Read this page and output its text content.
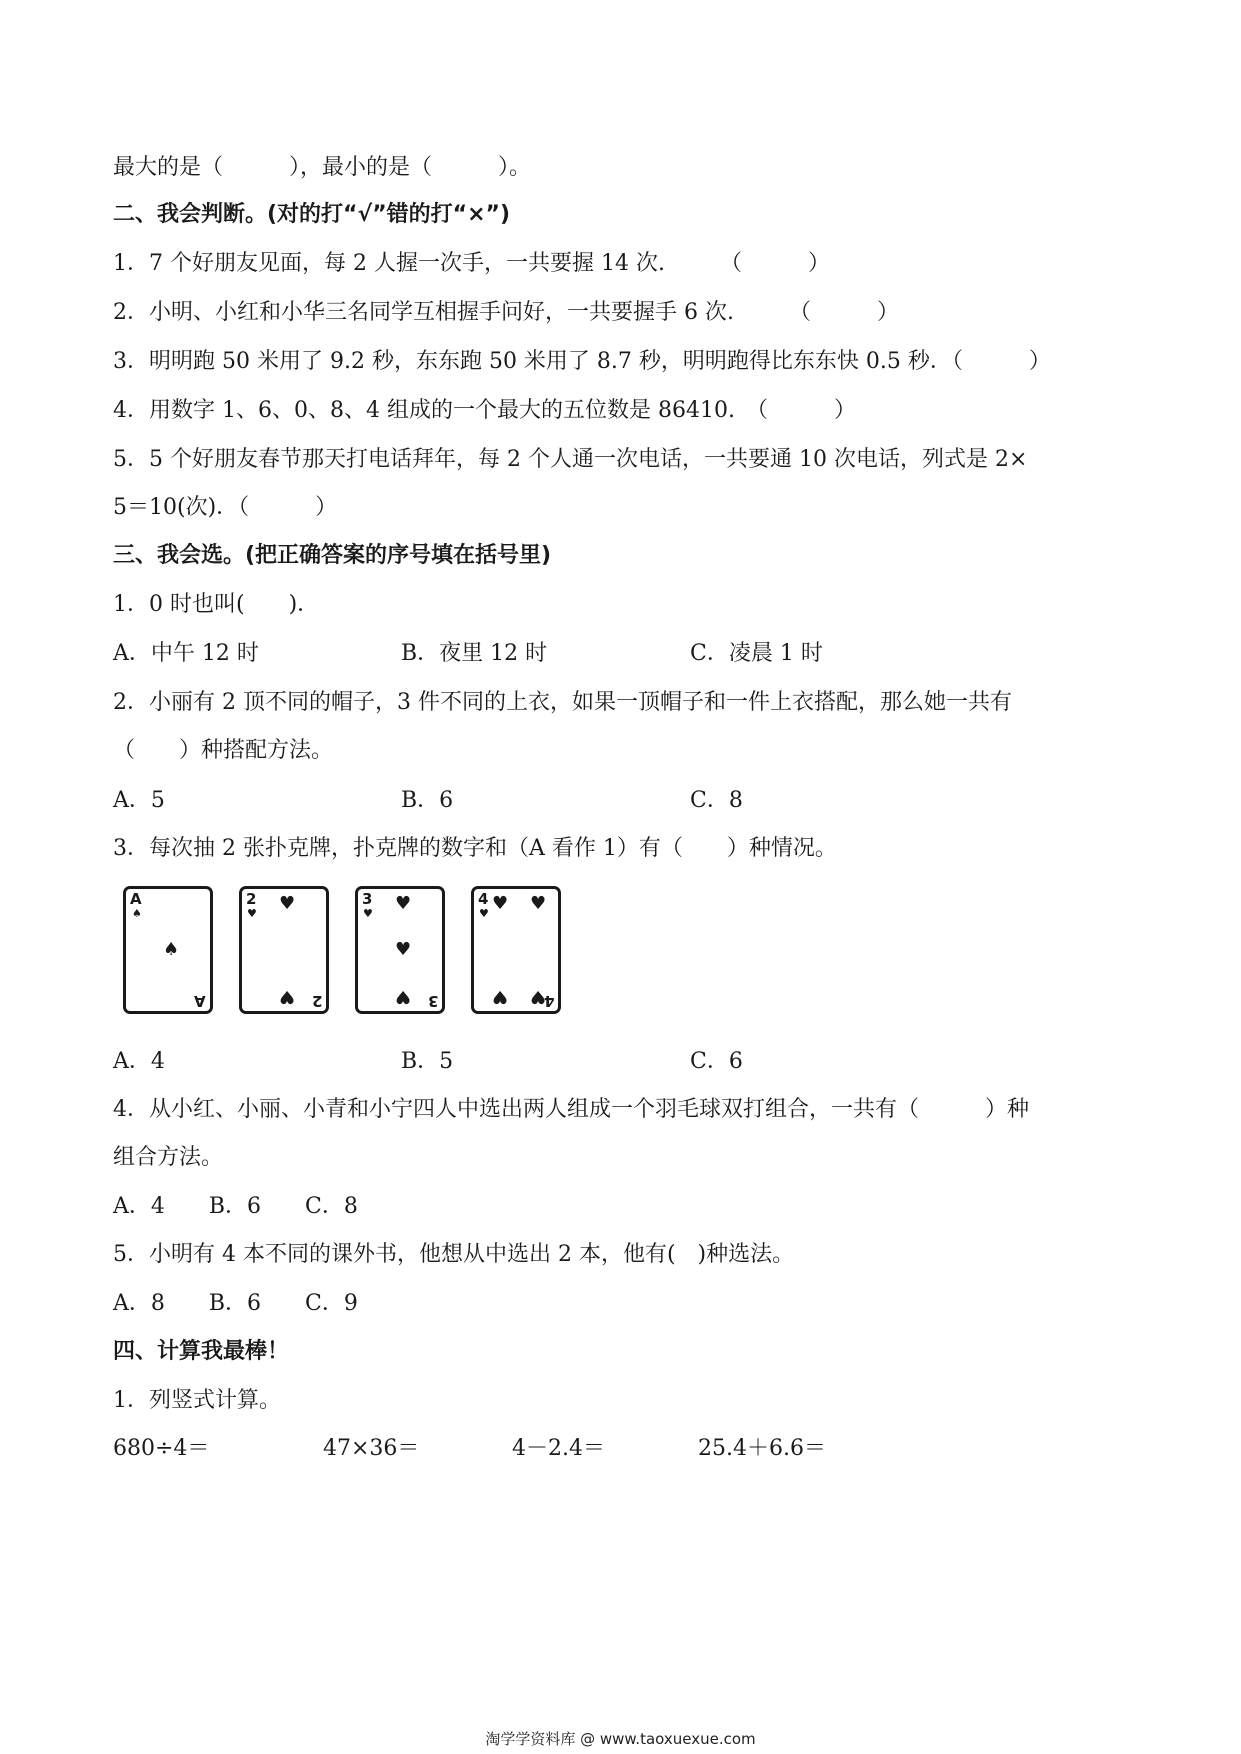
最大的是（　　　），最小的是（　　　）。
二、我会判断。(对的打“√”错的打“×”)
1．7 个好朋友见面，每 2 人握一次手，一共要握 14 次.　　　（　　　）
2．小明、小红和小华三名同学互相握手问好，一共要握手 6 次.　　　（　　　）
3．明明跑 50 米用了 9.2 秒，东东跑 50 米用了 8.7 秒，明明跑得比东东快 0.5 秒．（　　　）
4．用数字 1、6、0、8、4 组成的一个最大的五位数是 86410.　（　　　）
5．5 个好朋友春节那天打电话拜年，每 2 个人通一次电话，一共要通 10 次电话，列式是 2×
5＝10(次)．（　　　）
三、我会选。(把正确答案的序号填在括号里)
1．0 时也叫(　　)．
A．中午 12 时	B．夜里 12 时	C．凌晨 1 时
2．小丽有 2 顶不同的帽子，3 件不同的上衣，如果一顶帽子和一件上衣搭配，那么她一共有
（　　）种搭配方法。
A．5	B．6	C．8
3．每次抽 2 张扑克牌，扑克牌的数字和（A 看作 1）有（　　）种情况。
A
♠
♠
A
2
♥ ♥
♥ 2
3
♥ ♥
♥
♥ 3
4
♥ ♥ ♥
♥ ♥
4
A．4	B．5	C．6
4．从小红、小丽、小青和小宁四人中选出两人组成一个羽毛球双打组合，一共有（　　　）种
组合方法。
A．4　　B．6　　C．8
5．小明有 4 本不同的课外书，他想从中选出 2 本，他有(　)种选法。
A．8　　B．6　　C．9
四、计算我最棒！
1．列竖式计算。
680÷4＝	47×36＝	4－2.4＝	25.4＋6.6＝
淘学学资料库 @ www.taoxuexue.com
